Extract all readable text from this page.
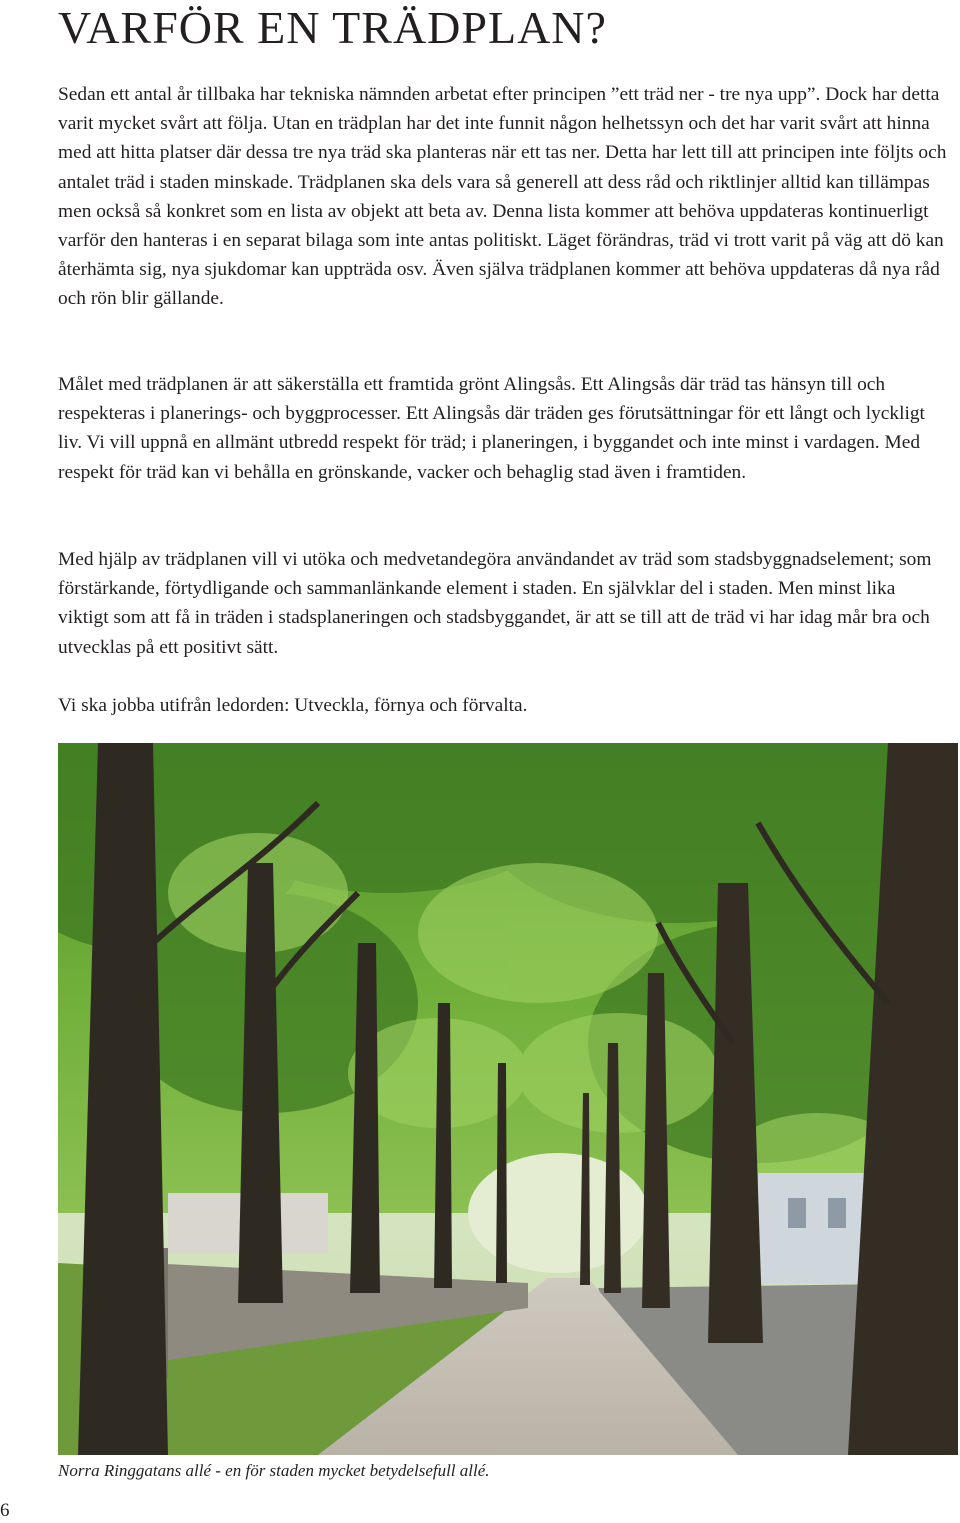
VARFÖR EN TRÄDPLAN?

Sedan ett antal år tillbaka har tekniska nämnden arbetat efter principen ”ett träd ner - tre nya upp”. Dock har detta varit mycket svårt att följa. Utan en trädplan har det inte funnit någon helhetssyn och det har varit svårt att hinna med att hitta platser där dessa tre nya träd ska planteras när ett tas ner. Detta har lett till att principen inte följts och antalet träd i staden minskade. Trädplanen ska dels vara så generell att dess råd och riktlinjer alltid kan tillämpas men också så konkret som en lista av objekt att beta av. Denna lista kommer att behöva uppdateras kontinuerligt varför den hanteras i en separat bilaga som inte antas politiskt. Läget förändras, träd vi trott varit på väg att dö kan återhämta sig, nya sjukdomar kan uppträda osv. Även själva trädplanen kommer att behöva uppdateras då nya råd och rön blir gällande.

Målet med trädplanen är att säkerställa ett framtida grönt Alingsås. Ett Alingsås där träd tas hänsyn till och respekteras i planerings- och byggprocesser. Ett Alingsås där träden ges förutsättningar för ett långt och lyckligt liv. Vi vill uppnå en allmänt utbredd respekt för träd; i planeringen, i byggandet och inte minst i vardagen. Med respekt för träd kan vi behålla en grönskande, vacker och behaglig stad även i framtiden.

Med hjälp av trädplanen vill vi utöka och medvetandegöra användandet av träd som stadsbyggnadselement; som förstärkande, förtydligande och sammanlänkande element i staden. En självklar del i staden. Men minst lika viktigt som att få in träden i stadsplaneringen och stadsbyggandet, är att se till att de träd vi har idag mår bra och utvecklas på ett positivt sätt.

Vi ska jobba utifrån ledorden: Utveckla, förnya och förvalta.

Norra Ringgatans allé - en för staden mycket betydelsefull allé.

6
